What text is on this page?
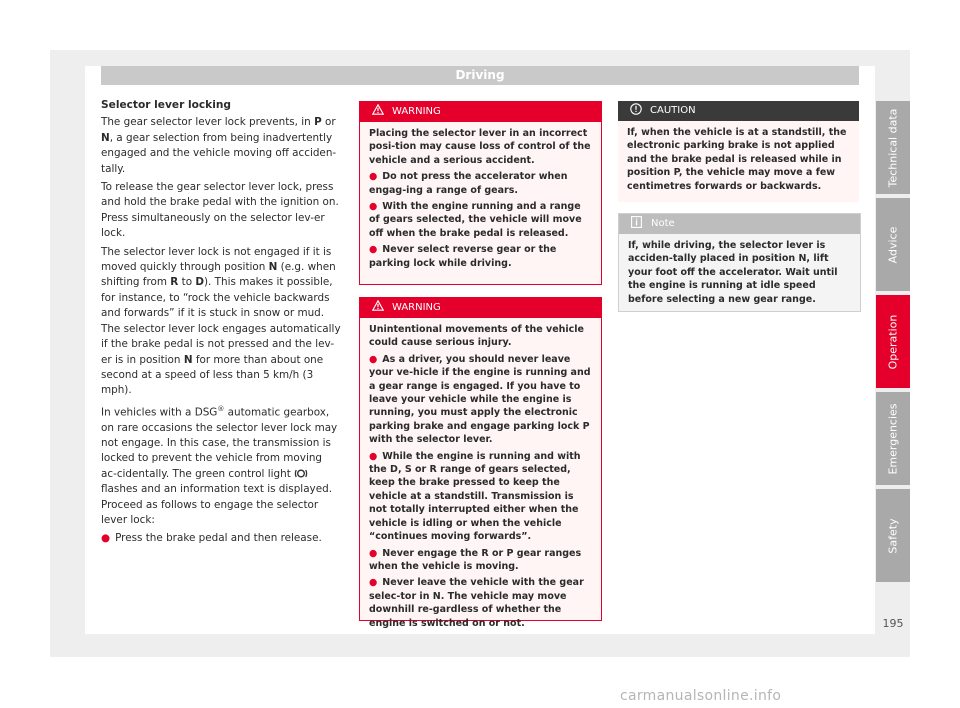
Driving
Technical data
Advice
Operation
Emergencies
Safety
Selector lever locking

The gear selector lever lock prevents, in P or N, a gear selection from being inadvertently engaged and the vehicle moving off acciden-tally.

To release the gear selector lever lock, press and hold the brake pedal with the ignition on. Press simultaneously on the selector lev-er lock.

The selector lever lock is not engaged if it is moved quickly through position N (e.g. when shifting from R to D). This makes it possible, for instance, to “rock the vehicle backwards and forwards” if it is stuck in snow or mud. The selector lever lock engages automatically if the brake pedal is not pressed and the lev-er is in position N for more than about one second at a speed of less than 5 km/h (3 mph).

In vehicles with a DSG® automatic gearbox, on rare occasions the selector lever lock may not engage. In this case, the transmission is locked to prevent the vehicle from moving ac-cidentally. The green control light  flashes and an information text is displayed. Proceed as follows to engage the selector lever lock:

● Press the brake pedal and then release.

WARNING

Placing the selector lever in an incorrect posi-tion may cause loss of control of the vehicle and a serious accident.

● Do not press the accelerator when engag-ing a range of gears.

● With the engine running and a range of gears selected, the vehicle will move off when the brake pedal is released.

● Never select reverse gear or the parking lock while driving.

WARNING

Unintentional movements of the vehicle could cause serious injury.

● As a driver, you should never leave your ve-hicle if the engine is running and a gear range is engaged. If you have to leave your vehicle while the engine is running, you must apply the electronic parking brake and engage parking lock P with the selector lever.

● While the engine is running and with the D, S or R range of gears selected, keep the brake pressed to keep the vehicle at a standstill. Transmission is not totally interrupted either when the vehicle is idling or when the vehicle “continues moving forwards”.

● Never engage the R or P gear ranges when the vehicle is moving.

● Never leave the vehicle with the gear selec-tor in N. The vehicle may move downhill re-gardless of whether the engine is switched on or not.

CAUTION

If, when the vehicle is at a standstill, the electronic parking brake is not applied and the brake pedal is released while in position P, the vehicle may move a few centimetres forwards or backwards.

Note

If, while driving, the selector lever is acciden-tally placed in position N, lift your foot off the accelerator. Wait until the engine is running at idle speed before selecting a new gear range.

195
carmanualsonline.info
